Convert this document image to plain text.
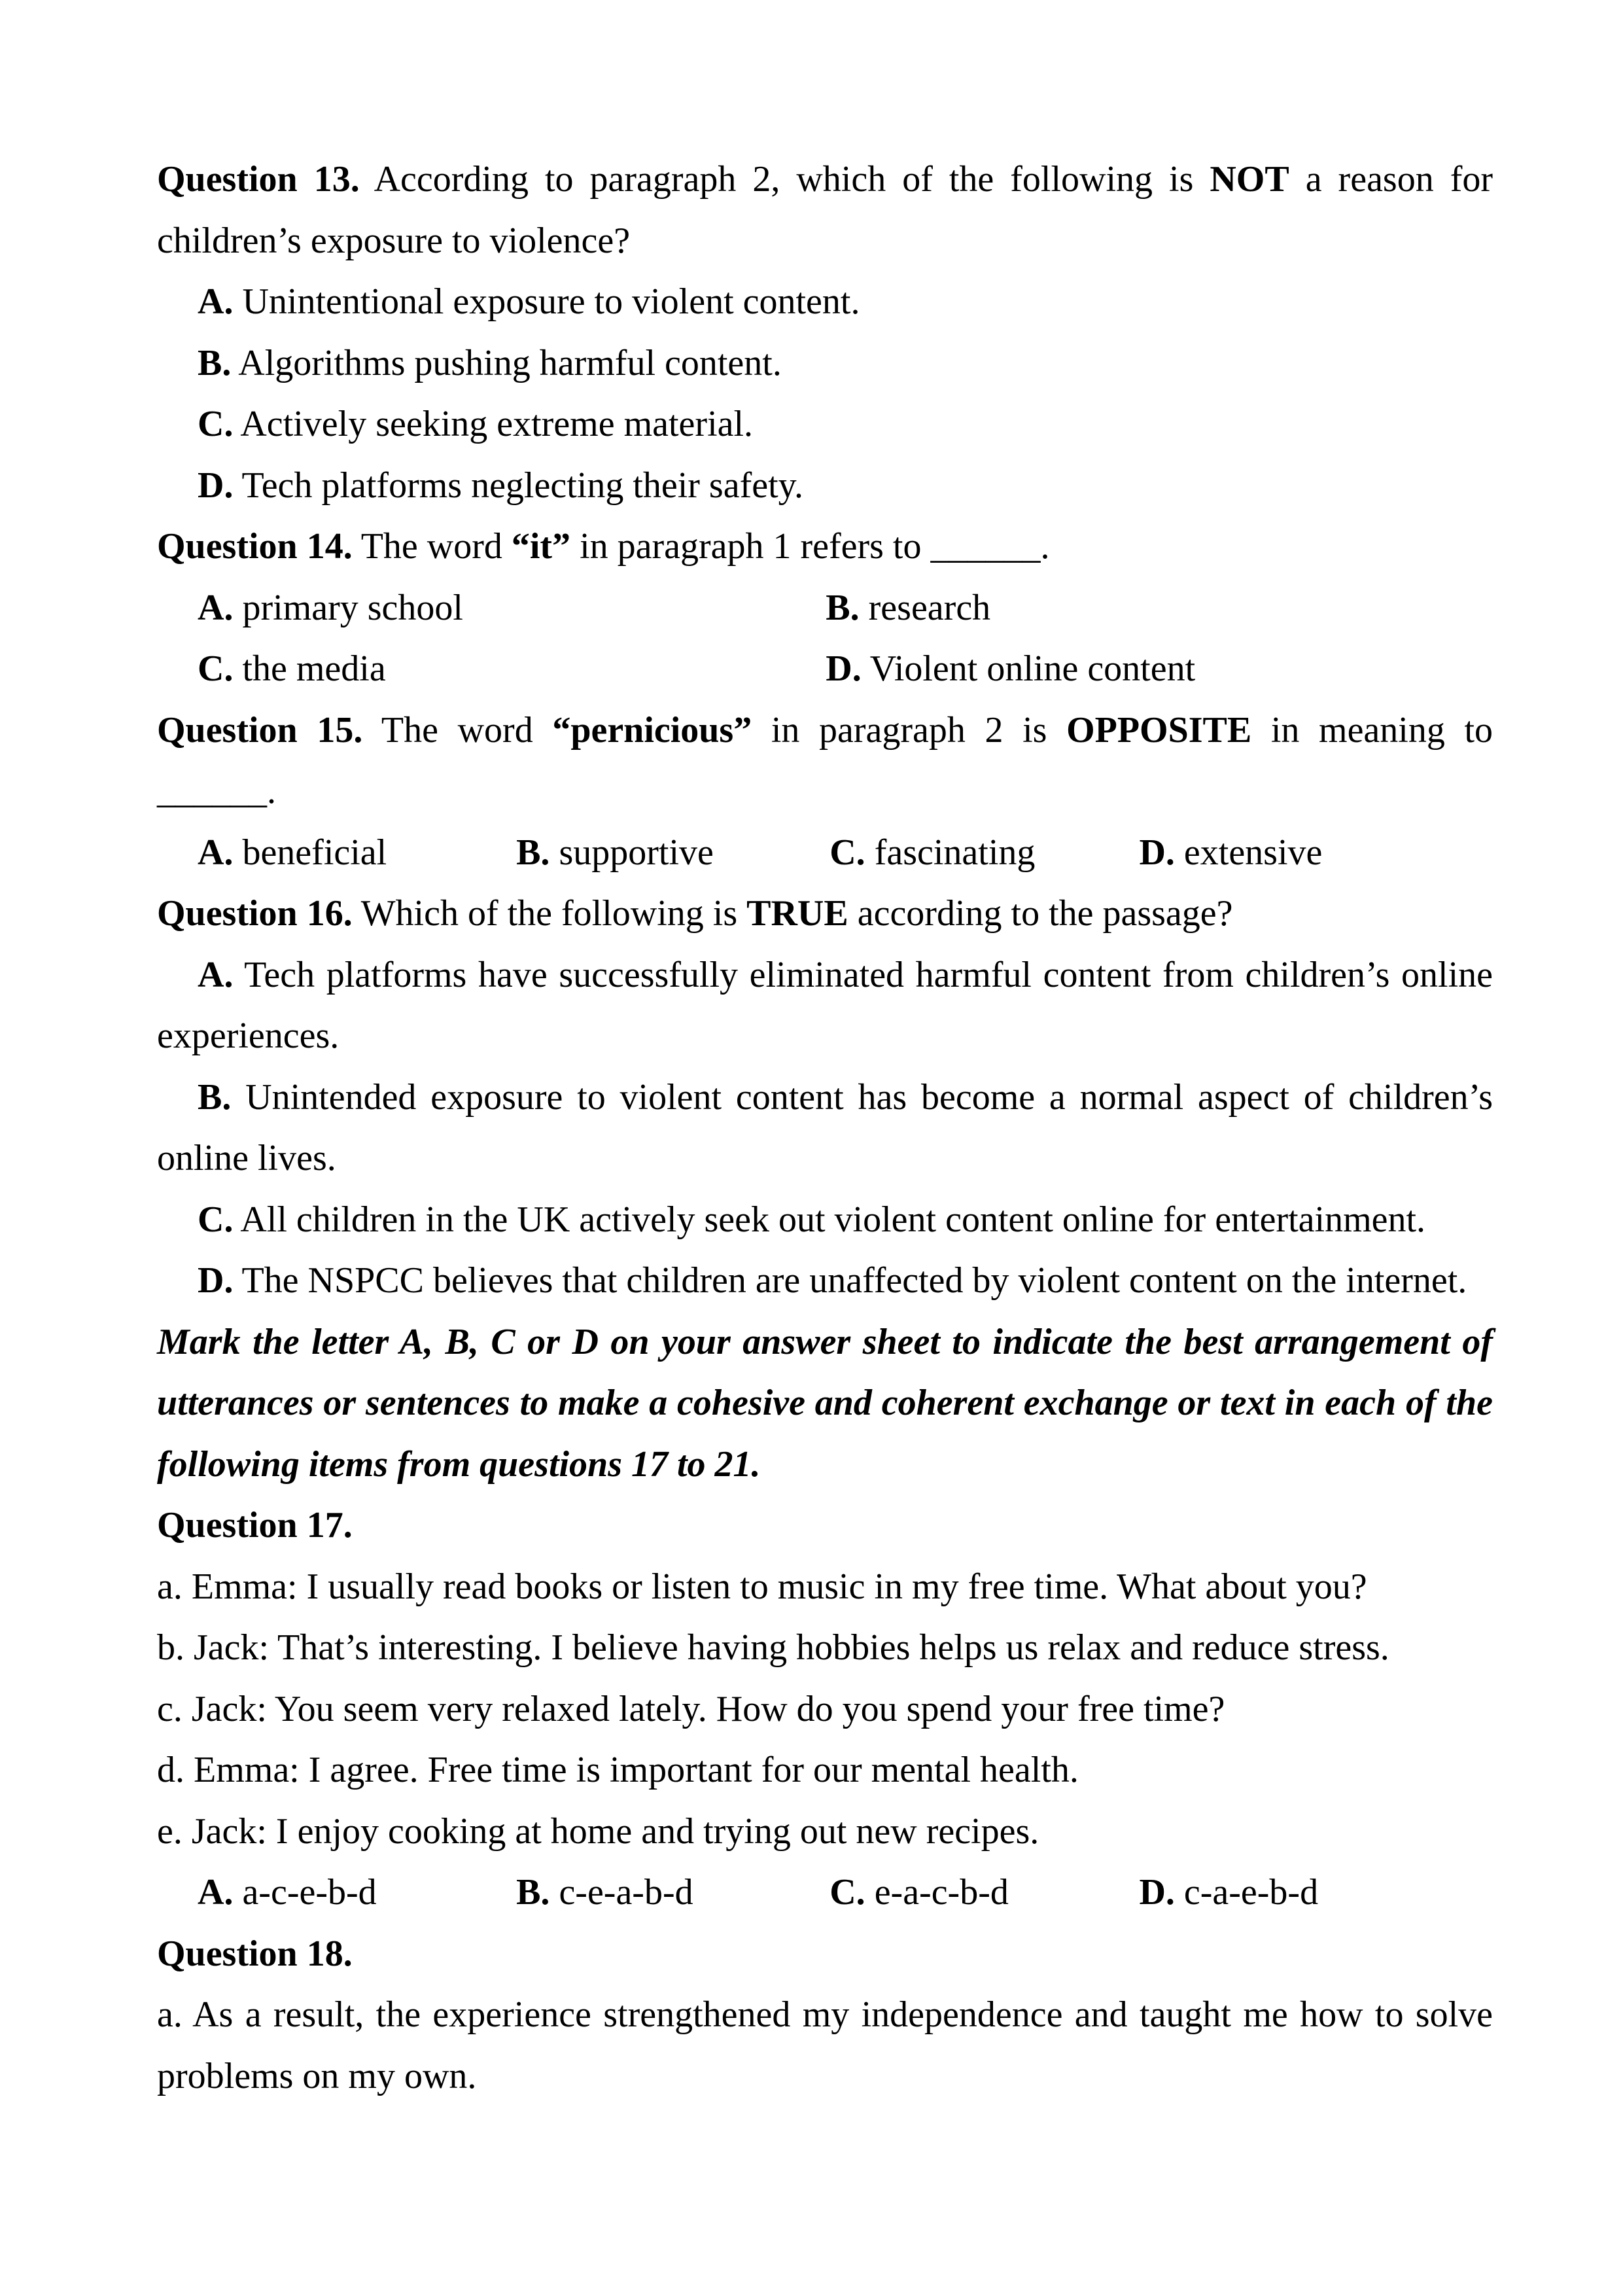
Question 13. According to paragraph 2, which of the following is NOT a reason for children’s exposure to violence?

A. Unintentional exposure to violent content.

B. Algorithms pushing harmful content.

C. Actively seeking extreme material.

D. Tech platforms neglecting their safety.

Question 14. The word “it” in paragraph 1 refers to ______.

A. primary school	B. research
C. the media	D. Violent online content

Question 15. The word “pernicious” in paragraph 2 is OPPOSITE in meaning to ______.

A. beneficial	B. supportive	C. fascinating	D. extensive

Question 16. Which of the following is TRUE according to the passage?

A. Tech platforms have successfully eliminated harmful content from children’s online experiences.

B. Unintended exposure to violent content has become a normal aspect of children’s online lives.

C. All children in the UK actively seek out violent content online for entertainment.

D. The NSPCC believes that children are unaffected by violent content on the internet.

Mark the letter A, B, C or D on your answer sheet to indicate the best arrangement of utterances or sentences to make a cohesive and coherent exchange or text in each of the following items from questions 17 to 21.

Question 17.

a. Emma: I usually read books or listen to music in my free time. What about you?

b. Jack: That’s interesting. I believe having hobbies helps us relax and reduce stress.

c. Jack: You seem very relaxed lately. How do you spend your free time?

d. Emma: I agree. Free time is important for our mental health.

e. Jack: I enjoy cooking at home and trying out new recipes.

A. a-c-e-b-d	B. c-e-a-b-d	C. e-a-c-b-d	D. c-a-e-b-d

Question 18.

a. As a result, the experience strengthened my independence and taught me how to solve problems on my own.
